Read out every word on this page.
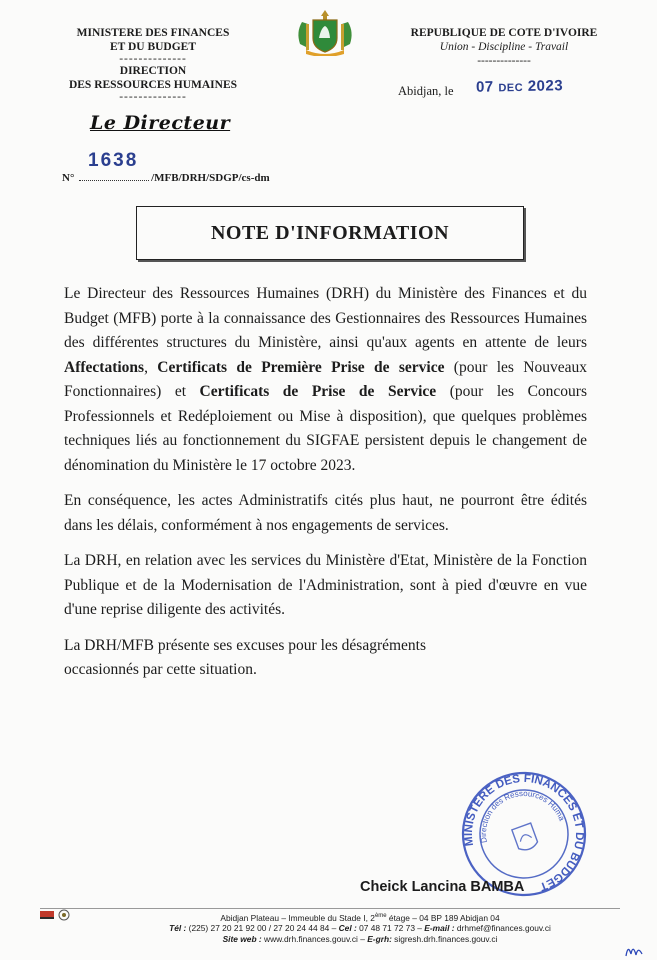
MINISTERE DES FINANCES
ET DU BUDGET
--------------
DIRECTION
DES RESSOURCES HUMAINES
--------------
REPUBLIQUE DE COTE D'IVOIRE
Union - Discipline - Travail
--------------
Abidjan, le 07 DEC 2023
Le Directeur
1638
N°	/MFB/DRH/SDGP/cs-dm
NOTE D'INFORMATION

Le Directeur des Ressources Humaines (DRH) du Ministère des Finances et du Budget (MFB) porte à la connaissance des Gestionnaires des Ressources Humaines des différentes structures du Ministère, ainsi qu'aux agents en attente de leurs Affectations, Certificats de Première Prise de service (pour les Nouveaux Fonctionnaires) et Certificats de Prise de Service (pour les Concours Professionnels et Redéploiement ou Mise à disposition), que quelques problèmes techniques liés au fonctionnement du SIGFAE persistent depuis le changement de dénomination du Ministère le 17 octobre 2023.

En conséquence, les actes Administratifs cités plus haut, ne pourront être édités dans les délais, conformément à nos engagements de services.

La DRH, en relation avec les services du Ministère d'Etat, Ministère de la Fonction Publique et de la Modernisation de l'Administration, sont à pied d'œuvre en vue d'une reprise diligente des activités.

La DRH/MFB présente ses excuses pour les désagréments
occasionnés par cette situation.

MINISTERE DES FINANCES ET DU BUDGET
Direction des Ressources Humaines
Cheick Lancina BAMBA
Abidjan Plateau – Immeuble du Stade I, 2ème étage – 04 BP 189 Abidjan 04
Tél : (225) 27 20 21 92 00 / 27 20 24 44 84 – Cel : 07 48 71 72 73 – E-mail : drhmef@finances.gouv.ci
Site web : www.drh.finances.gouv.ci – E-grh: sigresh.drh.finances.gouv.ci
